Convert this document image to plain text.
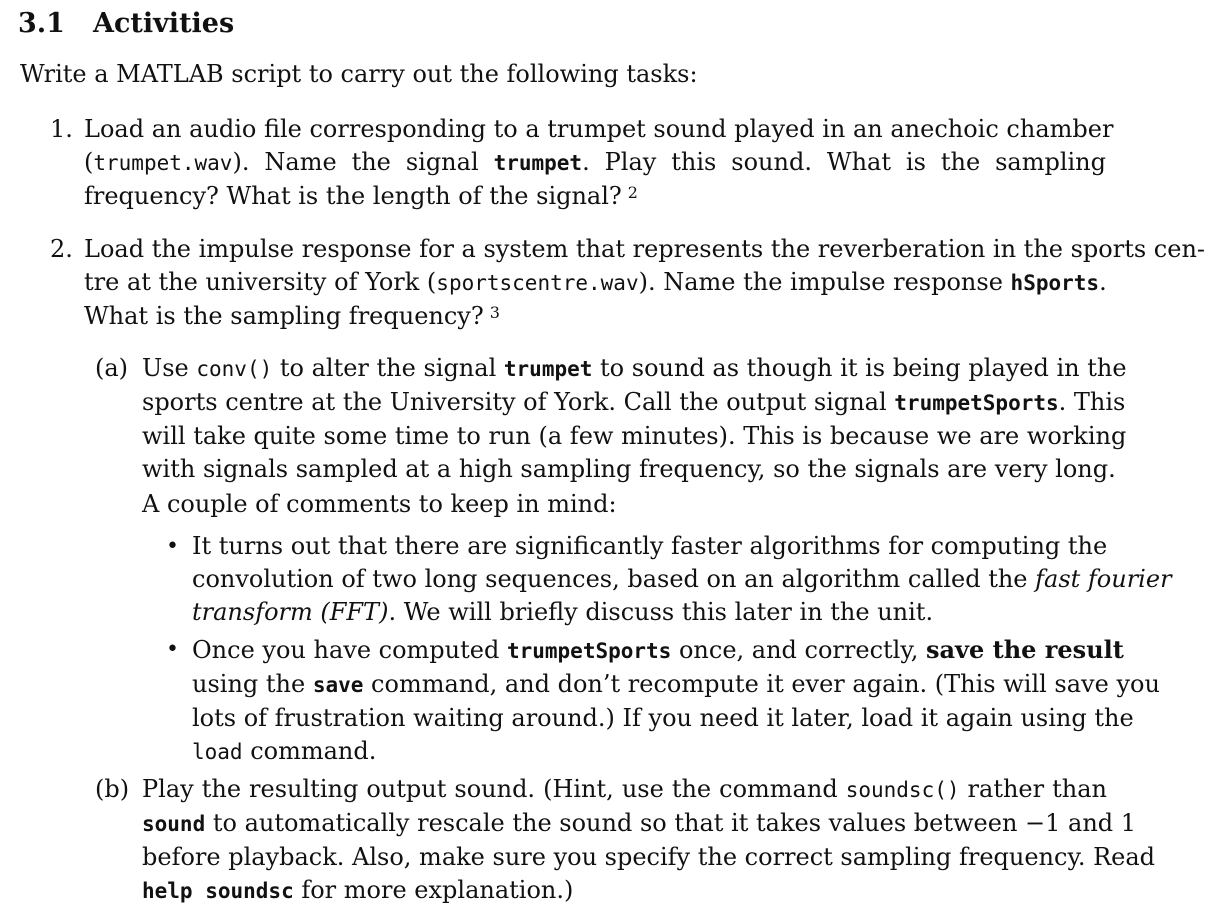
3.1 Activities
Write a MATLAB script to carry out the following tasks:
1. Load an audio file corresponding to a trumpet sound played in an anechoic chamber
(trumpet.wav). Name the signal trumpet. Play this sound. What is the sampling
frequency? What is the length of the signal? $^2$
2. Load the impulse response for a system that represents the reverberation in the sports cen-
tre at the university of York (sportscentre.wav). Name the impulse response hSports.
What is the sampling frequency? $^3$
(a) Use conv() to alter the signal trumpet to sound as though it is being played in the
sports centre at the University of York. Call the output signal trumpetSports. This
will take quite some time to run (a few minutes). This is because we are working
with signals sampled at a high sampling frequency, so the signals are very long.
A couple of comments to keep in mind:
• It turns out that there are significantly faster algorithms for computing the
convolution of two long sequences, based on an algorithm called the fast fourier
transform (FFT). We will briefly discuss this later in the unit.
• Once you have computed trumpetSports once, and correctly, save the result
using the save command, and don’t recompute it ever again. (This will save you
lots of frustration waiting around.) If you need it later, load it again using the
load command.
(b) Play the resulting output sound. (Hint, use the command soundsc() rather than
sound to automatically rescale the sound so that it takes values between −1 and 1
before playback. Also, make sure you specify the correct sampling frequency. Read
help soundsc for more explanation.)
